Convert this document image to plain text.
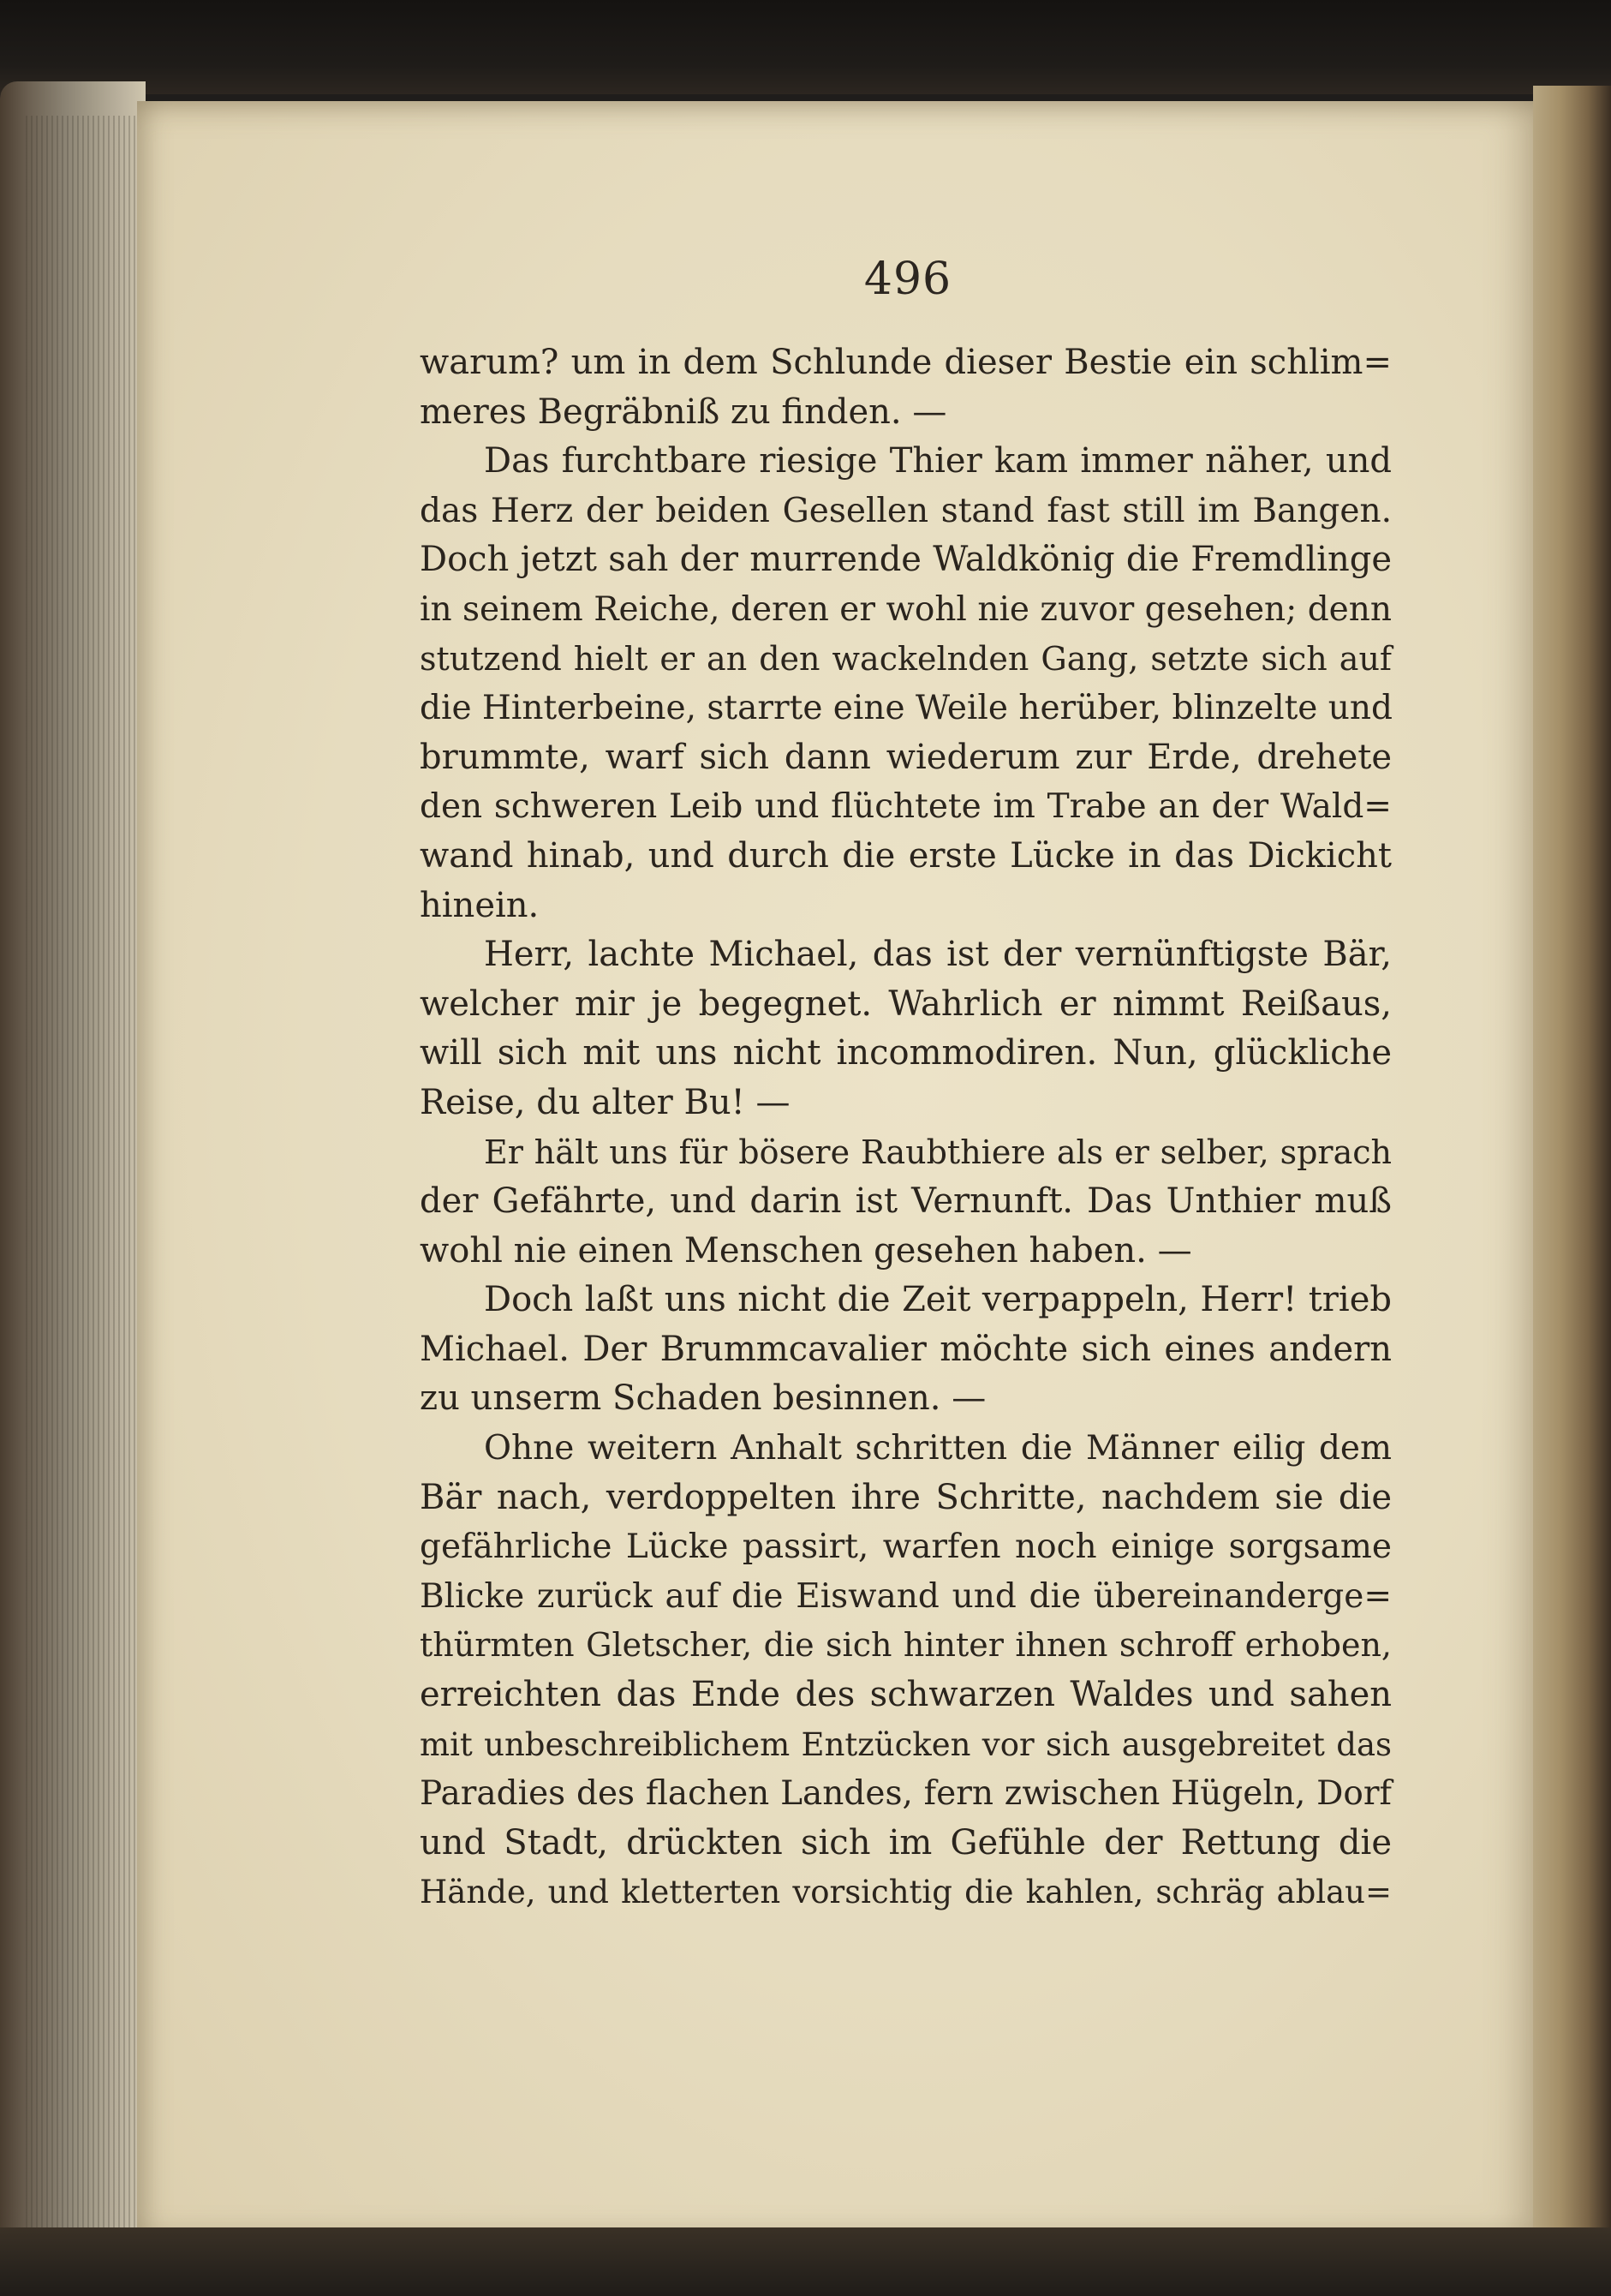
496
warum? um in dem Schlunde dieser Bestie ein schlim=
meres Begräbniß zu finden. —
Das furchtbare riesige Thier kam immer näher, und
das Herz der beiden Gesellen stand fast still im Bangen.
Doch jetzt sah der murrende Waldkönig die Fremdlinge
in seinem Reiche, deren er wohl nie zuvor gesehen; denn
stutzend hielt er an den wackelnden Gang, setzte sich auf
die Hinterbeine, starrte eine Weile herüber, blinzelte und
brummte, warf sich dann wiederum zur Erde, drehete
den schweren Leib und flüchtete im Trabe an der Wald=
wand hinab, und durch die erste Lücke in das Dickicht
hinein.
Herr, lachte Michael, das ist der vernünftigste Bär,
welcher mir je begegnet. Wahrlich er nimmt Reißaus,
will sich mit uns nicht incommodiren. Nun, glückliche
Reise, du alter Bu! —
Er hält uns für bösere Raubthiere als er selber, sprach
der Gefährte, und darin ist Vernunft. Das Unthier muß
wohl nie einen Menschen gesehen haben. —
Doch laßt uns nicht die Zeit verpappeln, Herr! trieb
Michael. Der Brummcavalier möchte sich eines andern
zu unserm Schaden besinnen. —
Ohne weitern Anhalt schritten die Männer eilig dem
Bär nach, verdoppelten ihre Schritte, nachdem sie die
gefährliche Lücke passirt, warfen noch einige sorgsame
Blicke zurück auf die Eiswand und die übereinanderge=
thürmten Gletscher, die sich hinter ihnen schroff erhoben,
erreichten das Ende des schwarzen Waldes und sahen
mit unbeschreiblichem Entzücken vor sich ausgebreitet das
Paradies des flachen Landes, fern zwischen Hügeln, Dorf
und Stadt, drückten sich im Gefühle der Rettung die
Hände, und kletterten vorsichtig die kahlen, schräg ablau=
